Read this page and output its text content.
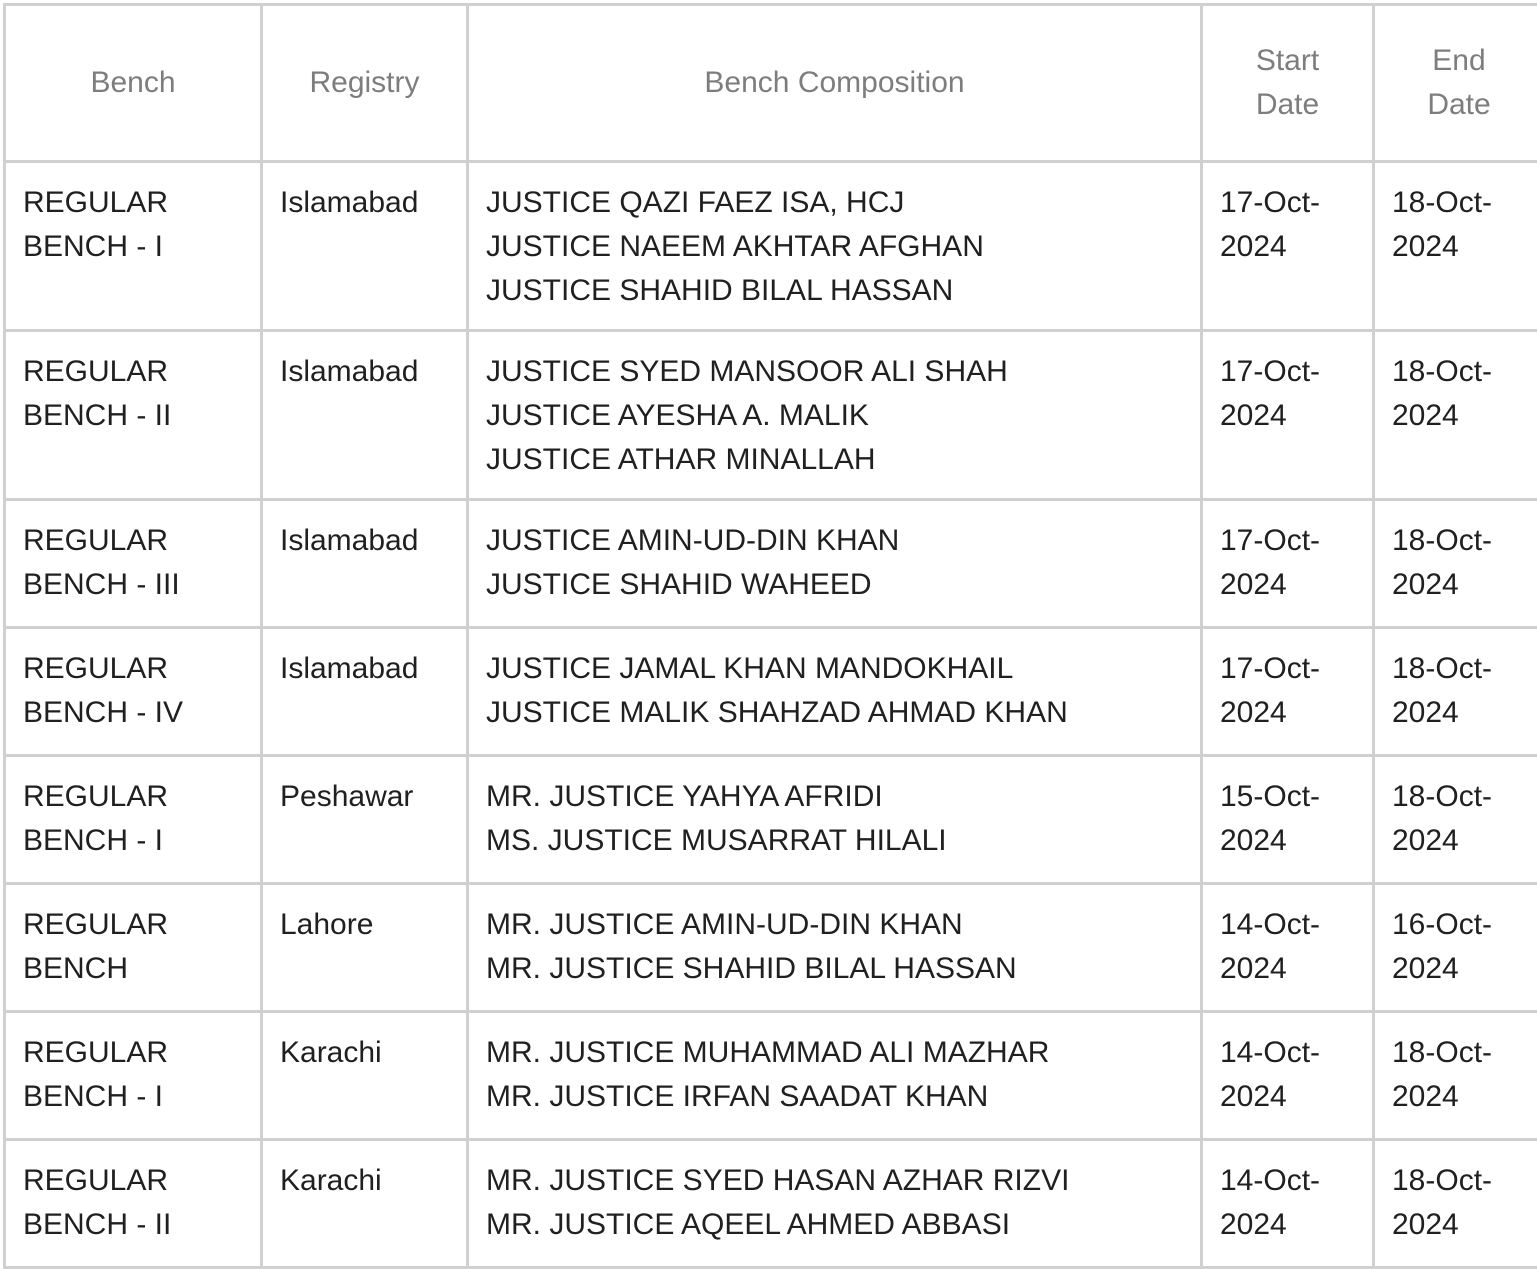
Bench	Registry	Bench Composition	Start
Date	End
Date

REGULAR
BENCH - I	Islamabad	JUSTICE QAZI FAEZ ISA, HCJ
JUSTICE NAEEM AKHTAR AFGHAN
JUSTICE SHAHID BILAL HASSAN	17-Oct-
2024	18-Oct-
2024

REGULAR
BENCH - II	Islamabad	JUSTICE SYED MANSOOR ALI SHAH
JUSTICE AYESHA A. MALIK
JUSTICE ATHAR MINALLAH	17-Oct-
2024	18-Oct-
2024

REGULAR
BENCH - III	Islamabad	JUSTICE AMIN-UD-DIN KHAN
JUSTICE SHAHID WAHEED	17-Oct-
2024	18-Oct-
2024

REGULAR
BENCH - IV	Islamabad	JUSTICE JAMAL KHAN MANDOKHAIL
JUSTICE MALIK SHAHZAD AHMAD KHAN	17-Oct-
2024	18-Oct-
2024

REGULAR
BENCH - I	Peshawar	MR. JUSTICE YAHYA AFRIDI
MS. JUSTICE MUSARRAT HILALI	15-Oct-
2024	18-Oct-
2024

REGULAR
BENCH	Lahore	MR. JUSTICE AMIN-UD-DIN KHAN
MR. JUSTICE SHAHID BILAL HASSAN	14-Oct-
2024	16-Oct-
2024

REGULAR
BENCH - I	Karachi	MR. JUSTICE MUHAMMAD ALI MAZHAR
MR. JUSTICE IRFAN SAADAT KHAN	14-Oct-
2024	18-Oct-
2024

REGULAR
BENCH - II	Karachi	MR. JUSTICE SYED HASAN AZHAR RIZVI
MR. JUSTICE AQEEL AHMED ABBASI	14-Oct-
2024	18-Oct-
2024
